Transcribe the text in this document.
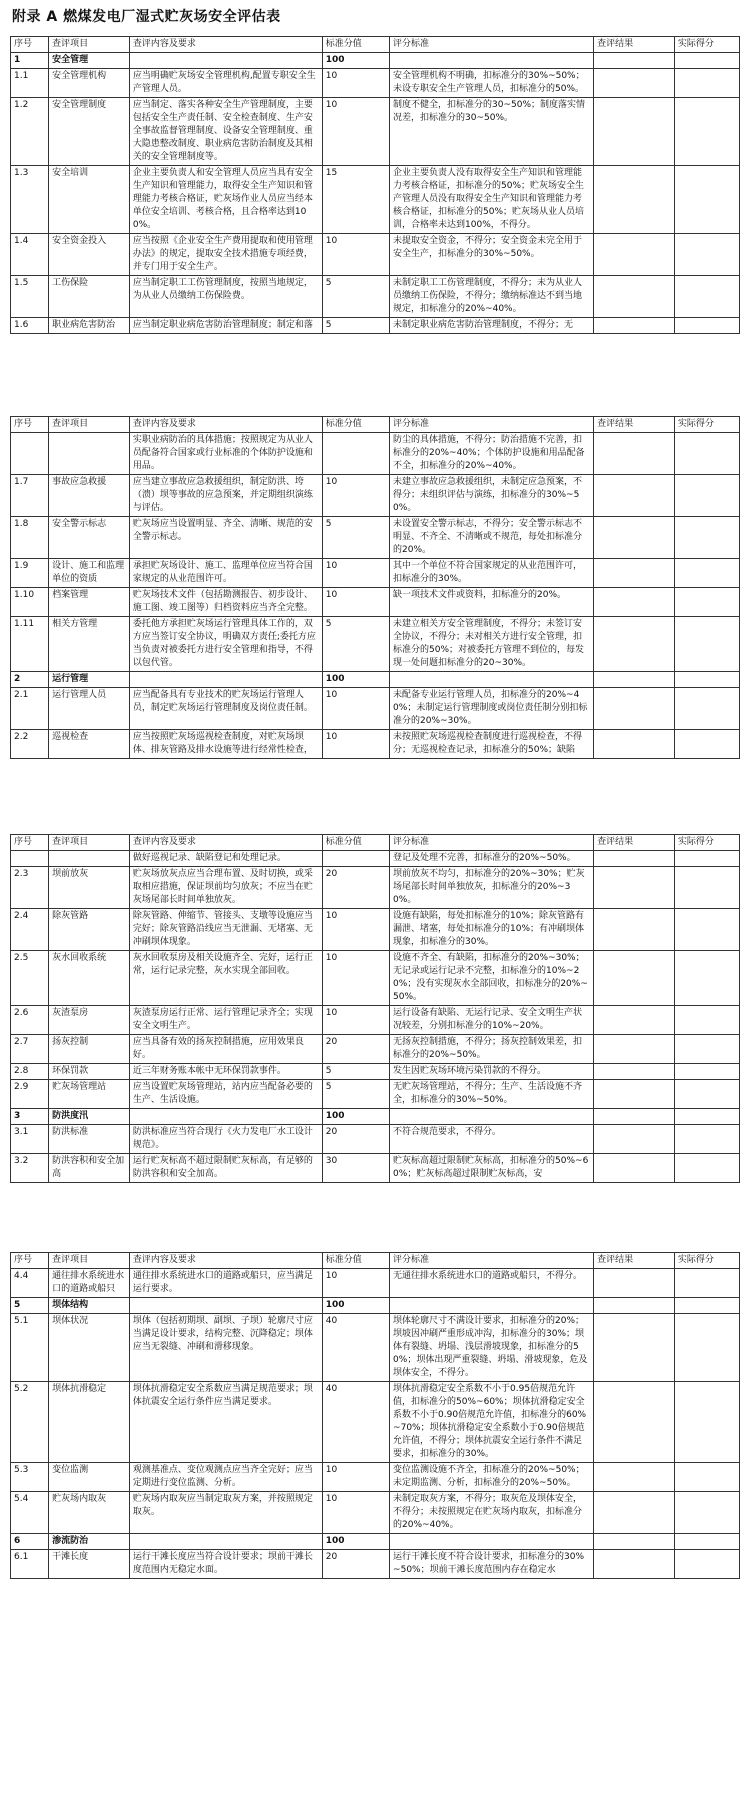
附录 A 燃煤发电厂湿式贮灰场安全评估表
序号	查评项目	查评内容及要求	标准分值	评分标准	查评结果	实际得分
1	安全管理		100			
1.1	安全管理机构	应当明确贮灰场安全管理机构,配置专职安全生产管理人员。	10	安全管理机构不明确，扣标准分的30%~50%；未设专职安全生产管理人员，扣标准分的50%。		
1.2	安全管理制度	应当制定、落实各种安全生产管理制度，主要包括安全生产责任制、安全检查制度、生产安全事故监督管理制度、设备安全管理制度、重大隐患整改制度、职业病危害防治制度及其相关的安全管理制度等。	10	制度不健全，扣标准分的30~50%；制度落实情况差，扣标准分的30~50%。		
1.3	安全培训	企业主要负责人和安全管理人员应当具有安全生产知识和管理能力，取得安全生产知识和管理能力考核合格证，贮灰场作业人员应当经本单位安全培训、考核合格，且合格率达到100%。	15	企业主要负责人没有取得安全生产知识和管理能力考核合格证，扣标准分的50%；贮灰场安全生产管理人员没有取得安全生产知识和管理能力考核合格证，扣标准分的50%；贮灰场从业人员培训，合格率未达到100%，不得分。		
1.4	安全资金投入	应当按照《企业安全生产费用提取和使用管理办法》的规定，提取安全技术措施专项经费，并专门用于安全生产。	10	未提取安全资金，不得分；安全资金未完全用于安全生产，扣标准分的30%~50%。		
1.5	工伤保险	应当制定职工工伤管理制度，按照当地规定，为从业人员缴纳工伤保险费。	5	未制定职工工伤管理制度，不得分；未为从业人员缴纳工伤保险，不得分；缴纳标准达不到当地规定，扣标准分的20%~40%。		
1.6	职业病危害防治	应当制定职业病危害防治管理制度；制定和落	5	未制定职业病危害防治管理制度，不得分；无		
序号	查评项目	查评内容及要求	标准分值	评分标准	查评结果	实际得分
		实职业病防治的具体措施；按照规定为从业人员配备符合国家或行业标准的个体防护设施和用品。		防尘的具体措施，不得分；防治措施不完善，扣标准分的20%~40%；个体防护设施和用品配备不全，扣标准分的20%~40%。		
1.7	事故应急救援	应当建立事故应急救援组织，制定防洪、垮（溃）坝等事故的应急预案，并定期组织演练与评估。	10	未建立事故应急救援组织，未制定应急预案，不得分；未组织评估与演练，扣标准分的30%~50%。		
1.8	安全警示标志	贮灰场应当设置明显、齐全、清晰、规范的安全警示标志。	5	未设置安全警示标志，不得分；安全警示标志不明显、不齐全、不清晰或不规范，每处扣标准分的20%。		
1.9	设计、施工和监理单位的资质	承担贮灰场设计、施工、监理单位应当符合国家规定的从业范围许可。	10	其中一个单位不符合国家规定的从业范围许可，扣标准分的30%。		
1.10	档案管理	贮灰场技术文件（包括勘测报告、初步设计、施工图、竣工图等）归档资料应当齐全完整。	10	缺一项技术文件或资料，扣标准分的20%。		
1.11	相关方管理	委托他方承担贮灰场运行管理具体工作的，双方应当签订安全协议，明确双方责任;委托方应当负责对被委托方进行安全管理和指导，不得以包代管。	5	未建立相关方安全管理制度，不得分；未签订安全协议，不得分；未对相关方进行安全管理，扣标准分的50%；对被委托方管理不到位的，每发现一处问题扣标准分的20~30%。		
2	运行管理		100			
2.1	运行管理人员	应当配备具有专业技术的贮灰场运行管理人员，制定贮灰场运行管理制度及岗位责任制。	10	未配备专业运行管理人员，扣标准分的20%~40%；未制定运行管理制度或岗位责任制分别扣标准分的20%~30%。		
2.2	巡视检查	应当按照贮灰场巡视检查制度，对贮灰场坝体、排灰管路及排水设施等进行经常性检查，	10	未按照贮灰场巡视检查制度进行巡视检查，不得分；无巡视检查记录，扣标准分的50%；缺陷		
序号	查评项目	查评内容及要求	标准分值	评分标准	查评结果	实际得分
		做好巡视记录、缺陷登记和处理记录。		登记及处理不完善，扣标准分的20%~50%。		
2.3	坝前放灰	贮灰场放灰点应当合理布置、及时切换，或采取相应措施，保证坝前均匀放灰；不应当在贮灰场尾部长时间单独放灰。	20	坝前放灰不均匀，扣标准分的20%~30%；贮灰场尾部长时间单独放灰，扣标准分的20%~30%。		
2.4	除灰管路	除灰管路、伸缩节、管接头、支墩等设施应当完好；除灰管路沿线应当无泄漏、无堵塞、无冲刷坝体现象。	10	设施有缺陷，每处扣标准分的10%；除灰管路有漏泄、堵塞，每处扣标准分的10%；有冲刷坝体现象，扣标准分的30%。		
2.5	灰水回收系统	灰水回收泵房及相关设施齐全、完好，运行正常，运行记录完整，灰水实现全部回收。	10	设施不齐全、有缺陷，扣标准分的20%~30%；无记录或运行记录不完整，扣标准分的10%~20%；没有实现灰水全部回收，扣标准分的20%~50%。		
2.6	灰渣泵房	灰渣泵房运行正常、运行管理记录齐全；实现安全文明生产。	10	运行设备有缺陷、无运行记录、安全文明生产状况较差，分别扣标准分的10%~20%。		
2.7	扬灰控制	应当具备有效的扬灰控制措施，应用效果良好。	20	无扬灰控制措施，不得分；扬灰控制效果差，扣标准分的20%~50%。		
2.8	环保罚款	近三年财务账本帐中无环保罚款事件。	5	发生因贮灰场环境污染罚款的不得分。		
2.9	贮灰场管理站	应当设置贮灰场管理站，站内应当配备必要的生产、生活设施。	5	无贮灰场管理站，不得分；生产、生活设施不齐全，扣标准分的30%~50%。		
3	防洪度汛		100			
3.1	防洪标准	防洪标准应当符合现行《火力发电厂水工设计规范》。	20	不符合规范要求，不得分。		
3.2	防洪容积和安全加高	运行贮灰标高不超过限制贮灰标高，有足够的防洪容积和安全加高。	30	贮灰标高超过限制贮灰标高，扣标准分的50%~60%；贮灰标高超过限制贮灰标高，安		
序号	查评项目	查评内容及要求	标准分值	评分标准	查评结果	实际得分
4.4	通往排水系统进水口的道路或船只	通往排水系统进水口的道路或船只，应当满足运行要求。	10	无通往排水系统进水口的道路或船只，不得分。		
5	坝体结构		100			
5.1	坝体状况	坝体（包括初期坝、副坝、子坝）轮廓尺寸应当满足设计要求，结构完整、沉降稳定；坝体应当无裂缝、冲刷和滑移现象。	40	坝体轮廓尺寸不满设计要求，扣标准分的20%；坝坡因冲刷严重形成冲沟，扣标准分的30%；坝体有裂缝、坍塌、浅层滑坡现象，扣标准分的50%；坝体出现严重裂缝、坍塌、滑坡现象，危及坝体安全，不得分。		
5.2	坝体抗滑稳定	坝体抗滑稳定安全系数应当满足规范要求；坝体抗震安全运行条件应当满足要求。	40	坝体抗滑稳定安全系数不小于0.95倍规范允许值，扣标准分的50%~60%；坝体抗滑稳定安全系数不小于0.90倍规范允许值，扣标准分的60%~70%；坝体抗滑稳定安全系数小于0.90倍规范允许值，不得分；坝体抗震安全运行条件不满足要求，扣标准分的30%。		
5.3	变位监测	观测基准点、变位观测点应当齐全完好；应当定期进行变位监测、分析。	10	变位监测设施不齐全，扣标准分的20%~50%；未定期监测、分析，扣标准分的20%~50%。		
5.4	贮灰场内取灰	贮灰场内取灰应当制定取灰方案，并按照规定取灰。	10	未制定取灰方案，不得分；取灰危及坝体安全，不得分；未按照规定在贮灰场内取灰，扣标准分的20%~40%。		
6	渗流防治		100			
6.1	干滩长度	运行干滩长度应当符合设计要求；坝前干滩长度范围内无稳定水面。	20	运行干滩长度不符合设计要求，扣标准分的30%~50%；坝前干滩长度范围内存在稳定水		
